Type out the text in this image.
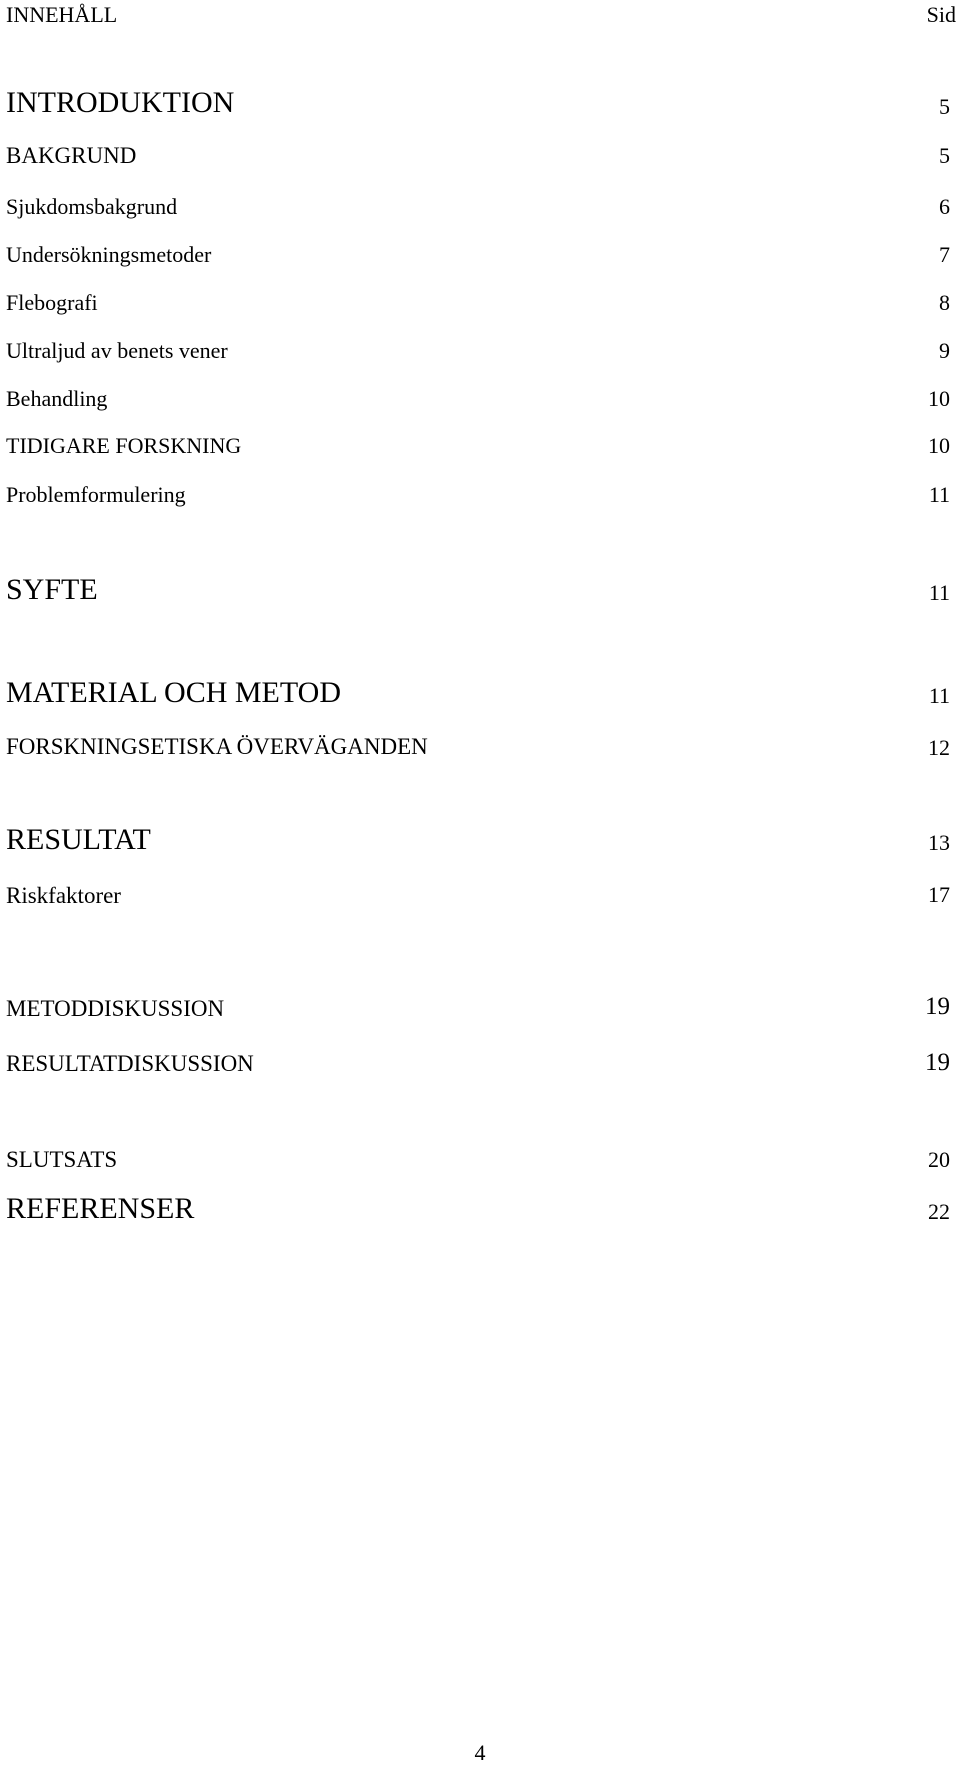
INNEHÅLL	Sid
INTRODUKTION	5
BAKGRUND	5
Sjukdomsbakgrund	6
Undersökningsmetoder	7
Flebografi	8
Ultraljud av benets vener	9
Behandling	10
TIDIGARE FORSKNING	10
Problemformulering	11
SYFTE	11
MATERIAL OCH METOD	11
FORSKNINGSETISKA ÖVERVÄGANDEN	12
RESULTAT	13
Riskfaktorer	17
METODDISKUSSION	19
RESULTATDISKUSSION	19
SLUTSATS	20
REFERENSER	22
4
